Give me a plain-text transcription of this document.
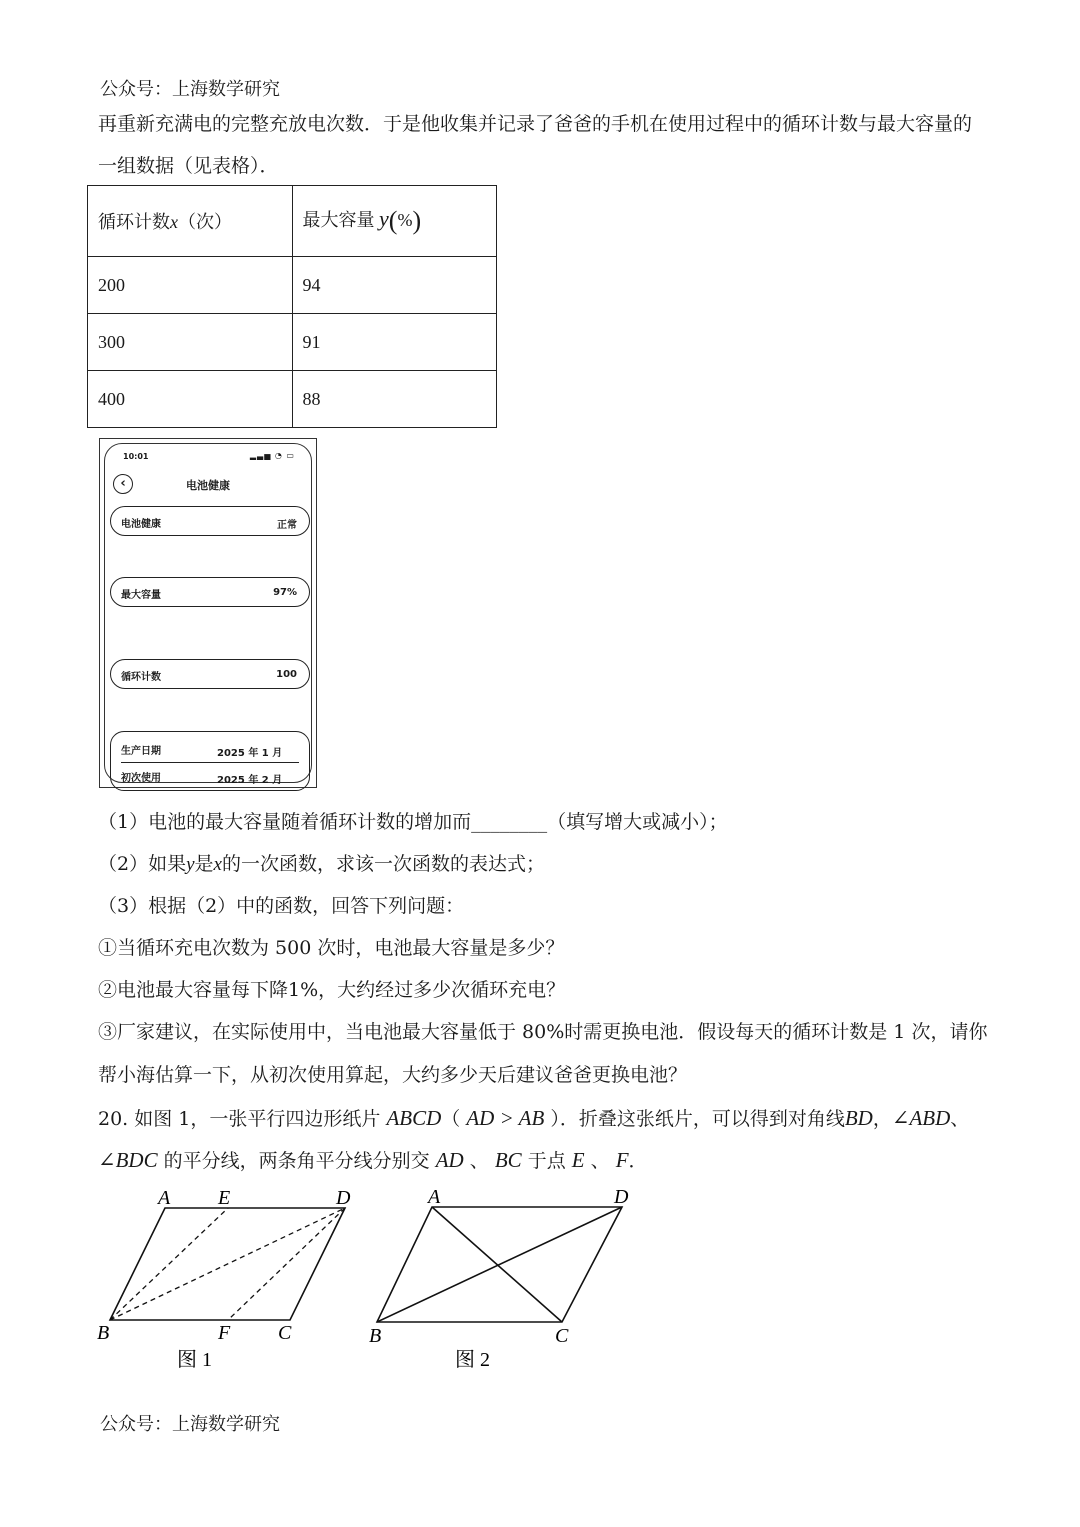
公众号：上海数学研究
再重新充满电的完整充放电次数．于是他收集并记录了爸爸的手机在使用过程中的循环计数与最大容量的
一组数据（见表格）．
循环计数x（次）	最大容量 y(%)
200	94
300	91
400	88
10:01	▂▃▅ ◔ ▭
‹	电池健康
电池健康	正常
最大容量	97%
循环计数	100
生产日期	2025 年 1 月
初次使用	2025 年 2 月
（1）电池的最大容量随着循环计数的增加而________（填写增大或减小）；
（2）如果y是x的一次函数，求该一次函数的表达式；
（3）根据（2）中的函数，回答下列问题：
①当循环充电次数为 500 次时，电池最大容量是多少？
②电池最大容量每下降1%，大约经过多少次循环充电？
③厂家建议，在实际使用中，当电池最大容量低于 80%时需更换电池．假设每天的循环计数是 1 次，请你
帮小海估算一下，从初次使用算起，大约多少天后建议爸爸更换电池？
20. 如图 1，一张平行四边形纸片 ABCD（ AD > AB ）．折叠这张纸片，可以得到对角线BD，∠ABD、
∠BDC 的平分线，两条角平分线分别交 AD 、 BC 于点 E 、 F．
A E	D
B	F C
图 1
A	D
B	C
图 2
公众号：上海数学研究
